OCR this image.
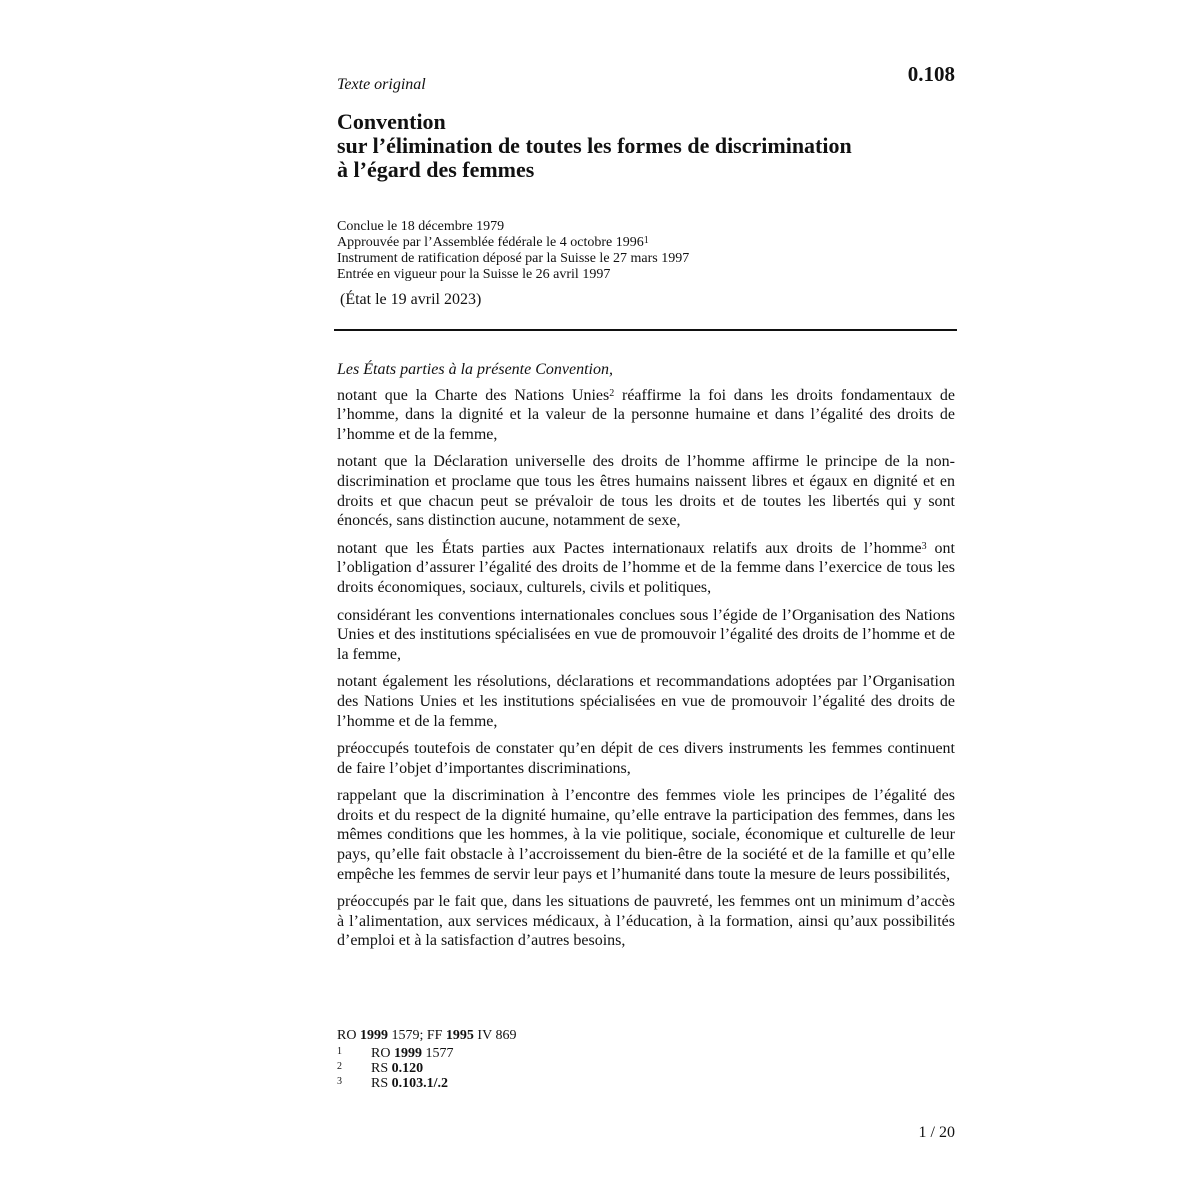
Texte original	0.108
Convention
sur l’élimination de toutes les formes de discrimination
à l’égard des femmes
Conclue le 18 décembre 1979
Approuvée par l’Assemblée fédérale le 4 octobre 1996$^1$
Instrument de ratification déposé par la Suisse le 27 mars 1997
Entrée en vigueur pour la Suisse le 26 avril 1997
(État le 19 avril 2023)

Les États parties à la présente Convention,

notant que la Charte des Nations Unies$^2$ réaffirme la foi dans les droits fondamentaux de l’homme, dans la dignité et la valeur de la personne humaine et dans l’égalité des droits de l’homme et de la femme,

notant que la Déclaration universelle des droits de l’homme affirme le principe de la non-discrimination et proclame que tous les êtres humains naissent libres et égaux en dignité et en droits et que chacun peut se prévaloir de tous les droits et de toutes les libertés qui y sont énoncés, sans distinction aucune, notamment de sexe,

notant que les États parties aux Pactes internationaux relatifs aux droits de l’homme$^3$ ont l’obligation d’assurer l’égalité des droits de l’homme et de la femme dans l’exercice de tous les droits économiques, sociaux, culturels, civils et politiques,

considérant les conventions internationales conclues sous l’égide de l’Organisation des Nations Unies et des institutions spécialisées en vue de promouvoir l’égalité des droits de l’homme et de la femme,

notant également les résolutions, déclarations et recommandations adoptées par l’Organisation des Nations Unies et les institutions spécialisées en vue de promouvoir l’égalité des droits de l’homme et de la femme,

préoccupés toutefois de constater qu’en dépit de ces divers instruments les femmes continuent de faire l’objet d’importantes discriminations,

rappelant que la discrimination à l’encontre des femmes viole les principes de l’égalité des droits et du respect de la dignité humaine, qu’elle entrave la participation des femmes, dans les mêmes conditions que les hommes, à la vie politique, sociale, économique et culturelle de leur pays, qu’elle fait obstacle à l’accroissement du bien-être de la société et de la famille et qu’elle empêche les femmes de servir leur pays et l’humanité dans toute la mesure de leurs possibilités,

préoccupés par le fait que, dans les situations de pauvreté, les femmes ont un minimum d’accès à l’alimentation, aux services médicaux, à l’éducation, à la formation, ainsi qu’aux possibilités d’emploi et à la satisfaction d’autres besoins,

RO 1999 1579; FF 1995 IV 869
1	RO 1999 1577
2	RS 0.120
3	RS 0.103.1/.2
1 / 20
